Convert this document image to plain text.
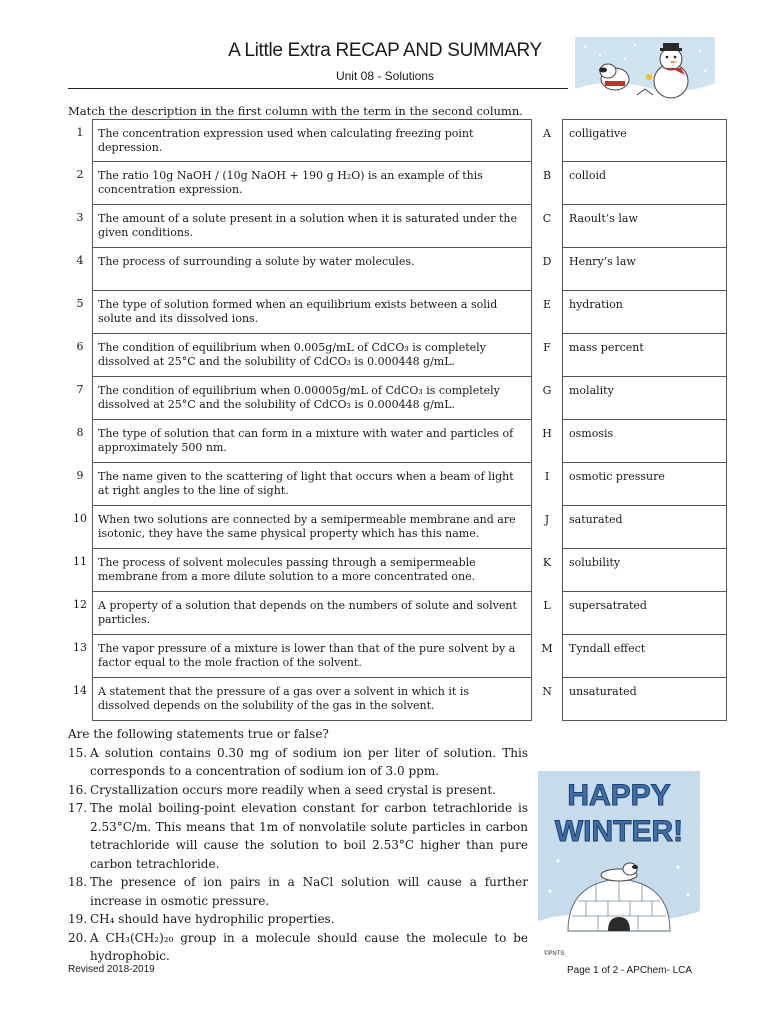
A Little Extra RECAP AND SUMMARY
Unit 08 - Solutions
Match the description in the first column with the term in the second column.
1	The concentration expression used when calculating freezing point depression.	A	colligative
2	The ratio 10g NaOH / (10g NaOH + 190 g H₂O) is an example of this concentration expression.	B	colloid
3	The amount of a solute present in a solution when it is saturated under the given conditions.	C	Raoult’s law
4	The process of surrounding a solute by water molecules.	D	Henry’s law
5	The type of solution formed when an equilibrium exists between a solid solute and its dissolved ions.	E	hydration
6	The condition of equilibrium when 0.005g/mL of CdCO₃ is completely dissolved at 25°C and the solubility of CdCO₃ is 0.000448 g/mL.	F	mass percent
7	The condition of equilibrium when 0.00005g/mL of CdCO₃ is completely dissolved at 25°C and the solubility of CdCO₃ is 0.000448 g/mL.	G	molality
8	The type of solution that can form in a mixture with water and particles of approximately 500 nm.	H	osmosis
9	The name given to the scattering of light that occurs when a beam of light at right angles to the line of sight.	I	osmotic pressure
10	When two solutions are connected by a semipermeable membrane and are isotonic, they have the same physical property which has this name.	J	saturated
11	The process of solvent molecules passing through a semipermeable membrane from a more dilute solution to a more concentrated one.	K	solubility
12	A property of a solution that depends on the numbers of solute and solvent particles.	L	supersatrated
13	The vapor pressure of a mixture is lower than that of the pure solvent by a factor equal to the mole fraction of the solvent.	M	Tyndall effect
14	A statement that the pressure of a gas over a solvent in which it is dissolved depends on the solubility of the gas in the solvent.	N	unsaturated

Are the following statements true or false?

15. A solution contains 0.30 mg of sodium ion per liter of solution. This corresponds to a concentration of sodium ion of 3.0 ppm.
16. Crystallization occurs more readily when a seed crystal is present.
17. The molal boiling-point elevation constant for carbon tetrachloride is 2.53°C/m. This means that 1m of nonvolatile solute particles in carbon tetrachloride will cause the solution to boil 2.53°C higher than pure carbon tetrachloride.
18. The presence of ion pairs in a NaCl solution will cause a further increase in osmotic pressure.
19. CH₄ should have hydrophilic properties.
20. A CH₃(CH₂)₂₀ group in a molecule should cause the molecule to be hydrophobic.
HAPPY
WINTER!
©PNTS
Revised 2018-2019	Page 1 of 2 - APChem- LCA
